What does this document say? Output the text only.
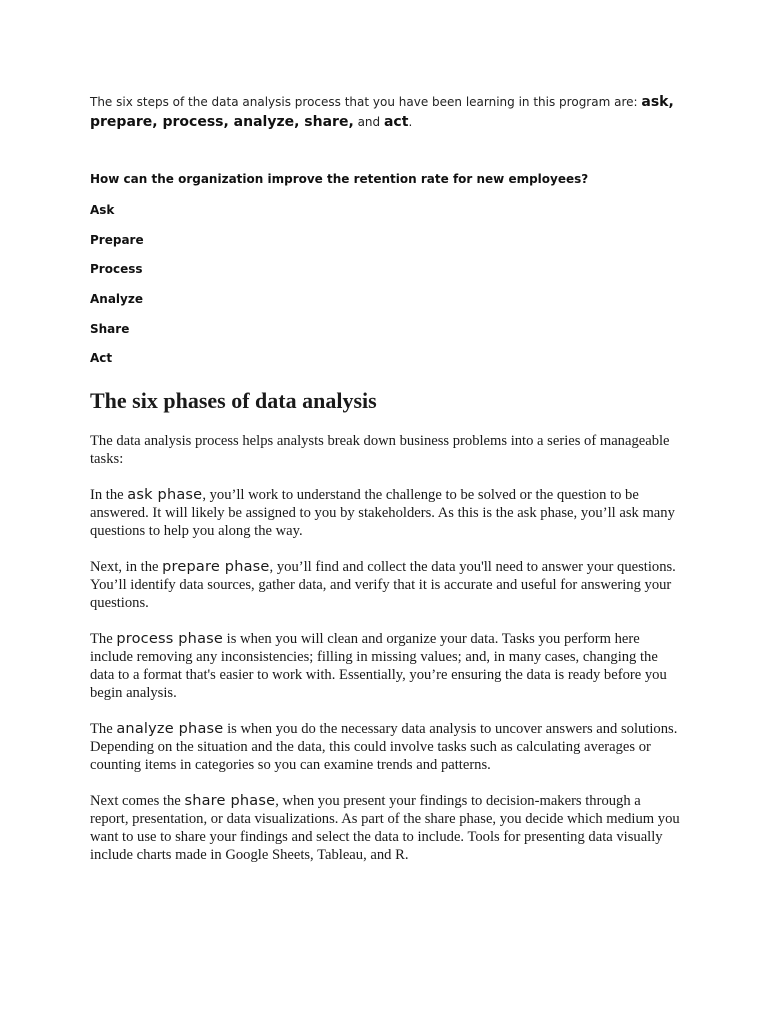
The six steps of the data analysis process that you have been learning in this program are: ask, prepare, process, analyze, share, and act.
How can the organization improve the retention rate for new employees?
Ask
Prepare
Process
Analyze
Share
Act
The six phases of data analysis

The data analysis process helps analysts break down business problems into a series of manageable tasks:

In the ask phase, you’ll work to understand the challenge to be solved or the question to be answered. It will likely be assigned to you by stakeholders. As this is the ask phase, you’ll ask many questions to help you along the way.

Next, in the prepare phase, you’ll find and collect the data you'll need to answer your questions. You’ll identify data sources, gather data, and verify that it is accurate and useful for answering your questions.

The process phase is when you will clean and organize your data. Tasks you perform here include removing any inconsistencies; filling in missing values; and, in many cases, changing the data to a format that's easier to work with. Essentially, you’re ensuring the data is ready before you begin analysis.

The analyze phase is when you do the necessary data analysis to uncover answers and solutions. Depending on the situation and the data, this could involve tasks such as calculating averages or counting items in categories so you can examine trends and patterns.

Next comes the share phase, when you present your findings to decision-makers through a report, presentation, or data visualizations. As part of the share phase, you decide which medium you want to use to share your findings and select the data to include. Tools for presenting data visually include charts made in Google Sheets, Tableau, and R.
